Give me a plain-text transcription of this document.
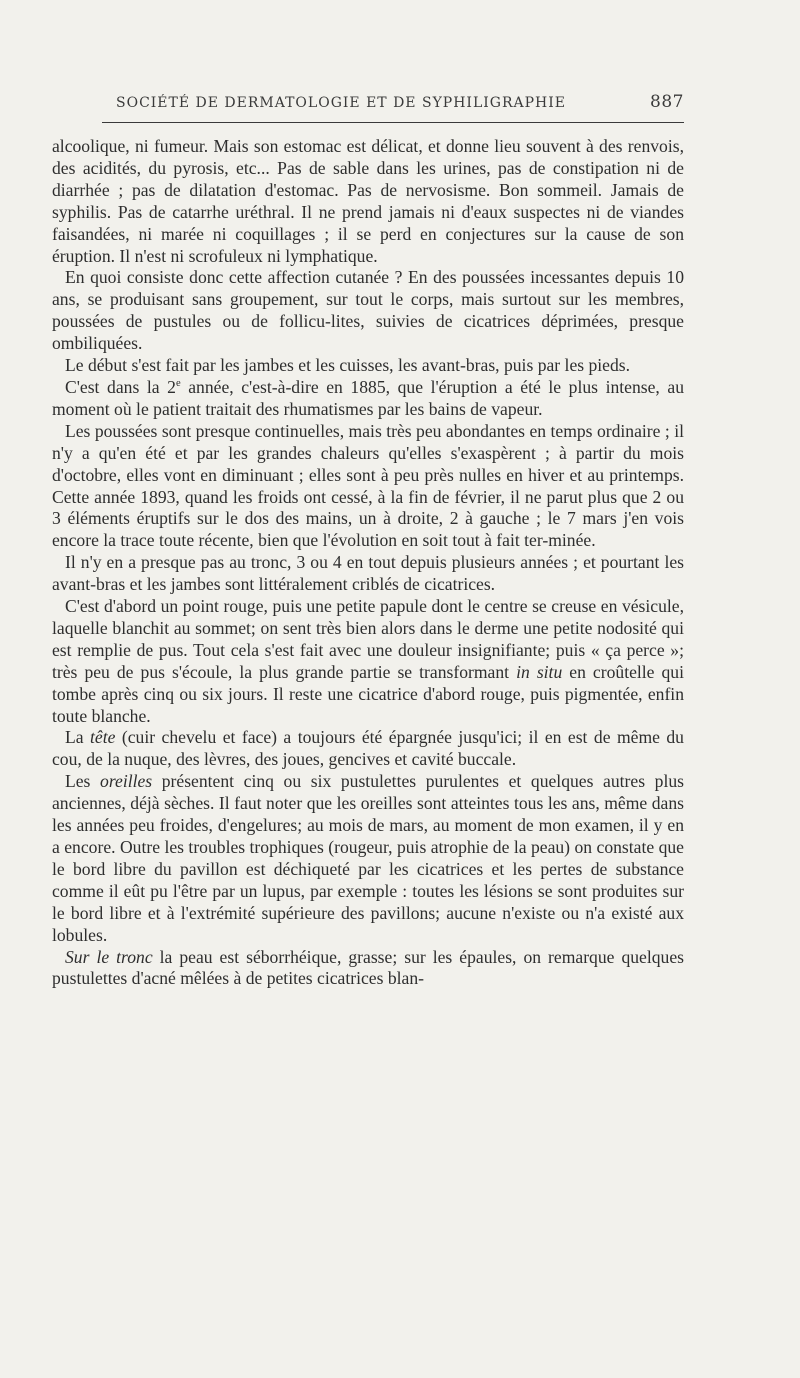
SOCIÉTÉ DE DERMATOLOGIE ET DE SYPHILIGRAPHIE	887

alcoolique, ni fumeur. Mais son estomac est délicat, et donne lieu souvent à des renvois, des acidités, du pyrosis, etc... Pas de sable dans les urines, pas de constipation ni de diarrhée ; pas de dilatation d'estomac. Pas de nervosisme. Bon sommeil. Jamais de syphilis. Pas de catarrhe uréthral. Il ne prend jamais ni d'eaux suspectes ni de viandes faisandées, ni marée ni coquillages ; il se perd en conjectures sur la cause de son éruption. Il n'est ni scrofuleux ni lymphatique.

En quoi consiste donc cette affection cutanée ? En des poussées incessantes depuis 10 ans, se produisant sans groupement, sur tout le corps, mais surtout sur les membres, poussées de pustules ou de follicu-lites, suivies de cicatrices déprimées, presque ombiliquées.

Le début s'est fait par les jambes et les cuisses, les avant-bras, puis par les pieds.

C'est dans la 2e année, c'est-à-dire en 1885, que l'éruption a été le plus intense, au moment où le patient traitait des rhumatismes par les bains de vapeur.

Les poussées sont presque continuelles, mais très peu abondantes en temps ordinaire ; il n'y a qu'en été et par les grandes chaleurs qu'elles s'exaspèrent ; à partir du mois d'octobre, elles vont en diminuant ; elles sont à peu près nulles en hiver et au printemps. Cette année 1893, quand les froids ont cessé, à la fin de février, il ne parut plus que 2 ou 3 éléments éruptifs sur le dos des mains, un à droite, 2 à gauche ; le 7 mars j'en vois encore la trace toute récente, bien que l'évolution en soit tout à fait ter-minée.

Il n'y en a presque pas au tronc, 3 ou 4 en tout depuis plusieurs années ; et pourtant les avant-bras et les jambes sont littéralement criblés de cicatrices.

C'est d'abord un point rouge, puis une petite papule dont le centre se creuse en vésicule, laquelle blanchit au sommet; on sent très bien alors dans le derme une petite nodosité qui est remplie de pus. Tout cela s'est fait avec une douleur insignifiante; puis « ça perce »; très peu de pus s'écoule, la plus grande partie se transformant in situ en croûtelle qui tombe après cinq ou six jours. Il reste une cicatrice d'abord rouge, puis pigmentée, enfin toute blanche.

La tête (cuir chevelu et face) a toujours été épargnée jusqu'ici; il en est de même du cou, de la nuque, des lèvres, des joues, gencives et cavité buccale.

Les oreilles présentent cinq ou six pustulettes purulentes et quelques autres plus anciennes, déjà sèches. Il faut noter que les oreilles sont atteintes tous les ans, même dans les années peu froides, d'engelures; au mois de mars, au moment de mon examen, il y en a encore. Outre les troubles trophiques (rougeur, puis atrophie de la peau) on constate que le bord libre du pavillon est déchiqueté par les cicatrices et les pertes de substance comme il eût pu l'être par un lupus, par exemple : toutes les lésions se sont produites sur le bord libre et à l'extrémité supérieure des pavillons; aucune n'existe ou n'a existé aux lobules.

Sur le tronc la peau est séborrhéique, grasse; sur les épaules, on remarque quelques pustulettes d'acné mêlées à de petites cicatrices blan-
